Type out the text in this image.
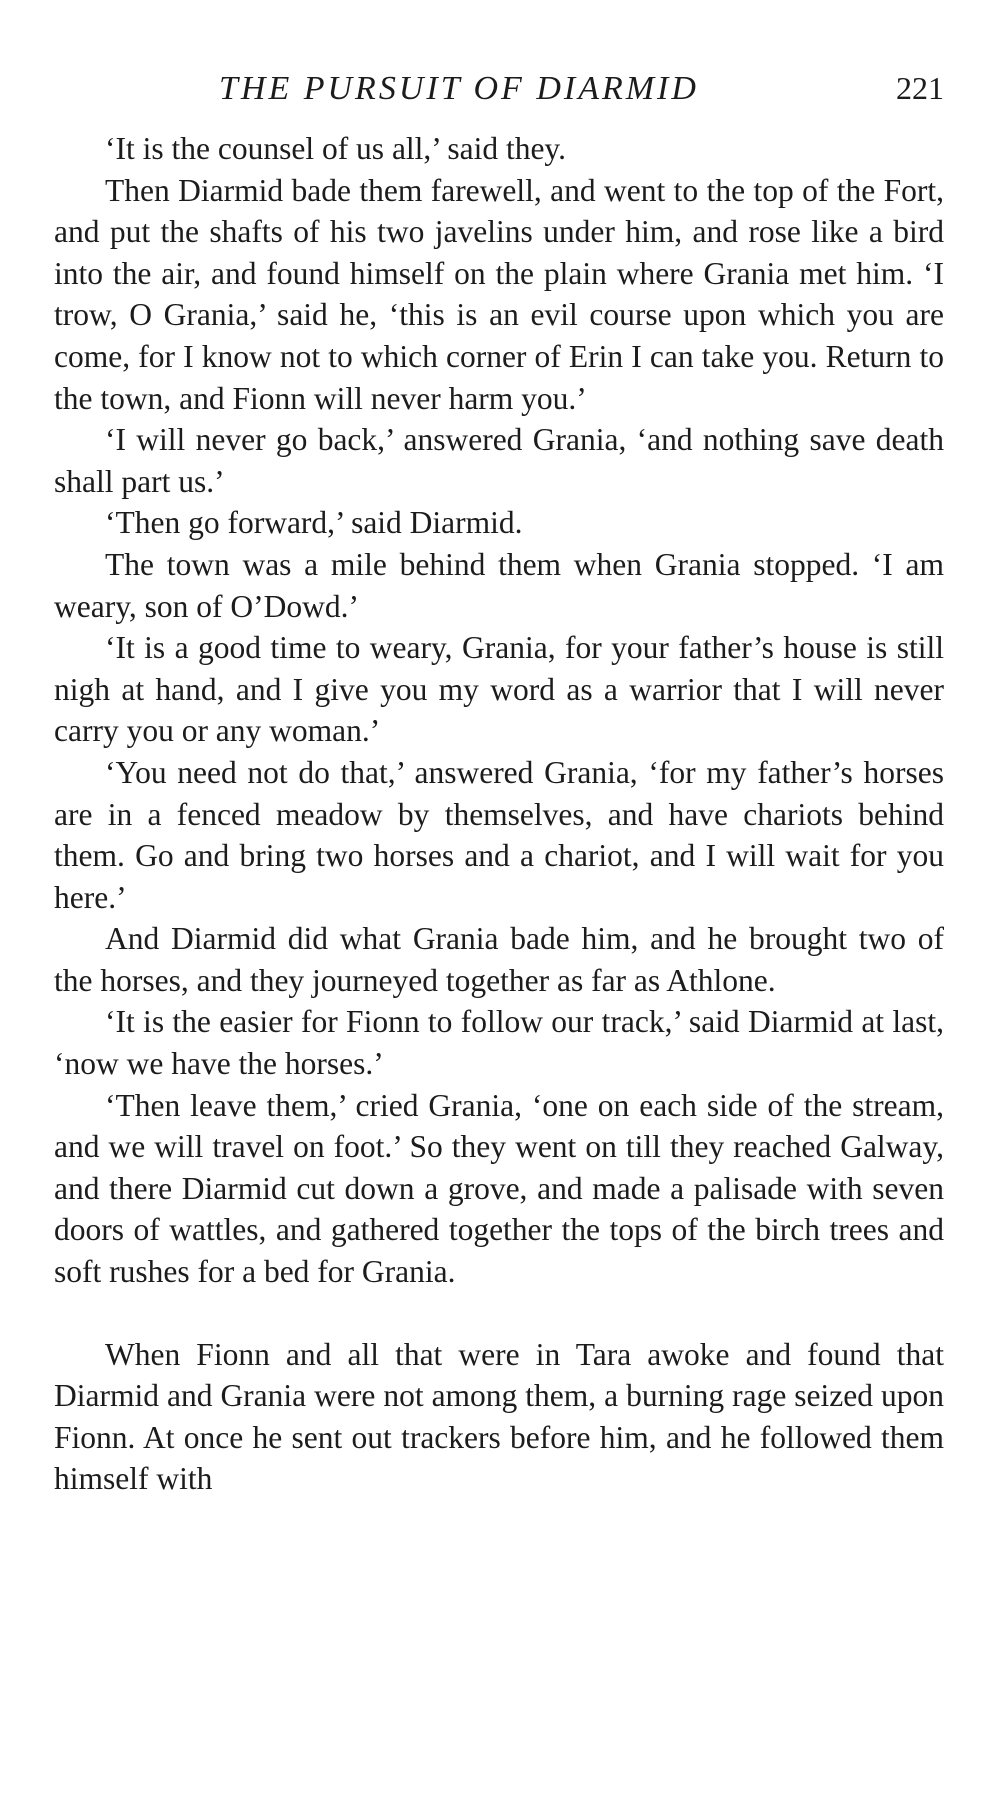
THE PURSUIT OF DIARMID	221

‘It is the counsel of us all,’ said they.

Then Diarmid bade them farewell, and went to the top of the Fort, and put the shafts of his two javelins under him, and rose like a bird into the air, and found himself on the plain where Grania met him. ‘I trow, O Grania,’ said he, ‘this is an evil course upon which you are come, for I know not to which corner of Erin I can take you. Return to the town, and Fionn will never harm you.’

‘I will never go back,’ answered Grania, ‘and nothing save death shall part us.’

‘Then go forward,’ said Diarmid.

The town was a mile behind them when Grania stopped. ‘I am weary, son of O’Dowd.’

‘It is a good time to weary, Grania, for your father’s house is still nigh at hand, and I give you my word as a warrior that I will never carry you or any woman.’

‘You need not do that,’ answered Grania, ‘for my father’s horses are in a fenced meadow by themselves, and have chariots behind them. Go and bring two horses and a chariot, and I will wait for you here.’

And Diarmid did what Grania bade him, and he brought two of the horses, and they journeyed together as far as Athlone.

‘It is the easier for Fionn to follow our track,’ said Diarmid at last, ‘now we have the horses.’

‘Then leave them,’ cried Grania, ‘one on each side of the stream, and we will travel on foot.’ So they went on till they reached Galway, and there Diarmid cut down a grove, and made a palisade with seven doors of wattles, and gathered together the tops of the birch trees and soft rushes for a bed for Grania.

When Fionn and all that were in Tara awoke and found that Diarmid and Grania were not among them, a burning rage seized upon Fionn. At once he sent out trackers before him, and he followed them himself with
